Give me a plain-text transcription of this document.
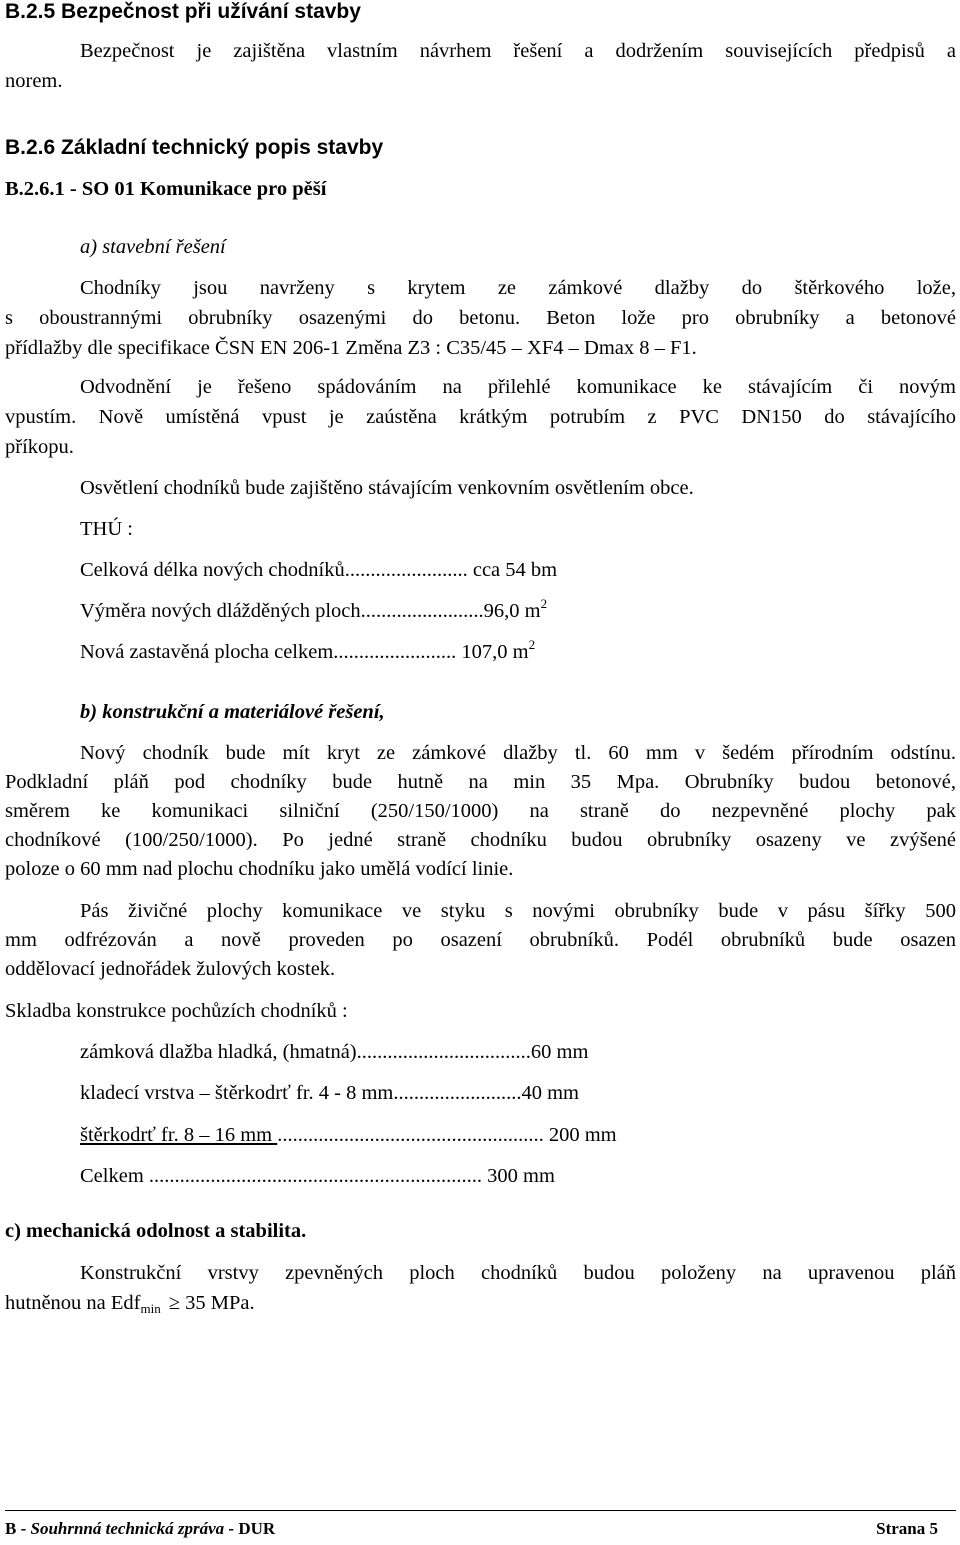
B.2.5 Bezpečnost při užívání stavby
Bezpečnost je zajištěna vlastním návrhem řešení a dodržením souvisejících předpisů a
norem.
B.2.6 Základní technický popis stavby
B.2.6.1 - SO 01 Komunikace pro pěší
a) stavební řešení
Chodníky jsou navrženy s krytem ze zámkové dlažby do štěrkového lože,
s oboustrannými obrubníky osazenými do betonu. Beton lože pro obrubníky a betonové
přídlažby dle specifikace ČSN EN 206-1 Změna Z3 : C35/45 – XF4 – Dmax 8 – F1.
Odvodnění je řešeno spádováním na přilehlé komunikace ke stávajícím či novým
vpustím. Nově umístěná vpust je zaústěna krátkým potrubím z PVC DN150 do stávajícího
příkopu.
Osvětlení chodníků bude zajištěno stávajícím venkovním osvětlením obce.
THÚ :
Celková délka nových chodníků........................ cca 54 bm
Výměra nových dlážděných ploch........................96,0 $m^2$
Nová zastavěná plocha celkem........................ 107,0 $m^2$
b) konstrukční a materiálové řešení,
Nový chodník bude mít kryt ze zámkové dlažby tl. 60 mm v šedém přírodním odstínu.
Podkladní pláň pod chodníky bude hutně na min 35 Mpa. Obrubníky budou betonové,
směrem ke komunikaci silniční (250/150/1000) na straně do nezpevněné plochy pak
chodníkové (100/250/1000). Po jedné straně chodníku budou obrubníky osazeny ve zvýšené
poloze o 60 mm nad plochu chodníku jako umělá vodící linie.
Pás živičné plochy komunikace ve styku s novými obrubníky bude v pásu šířky 500
mm odfrézován a nově proveden po osazení obrubníků. Podél obrubníků bude osazen
oddělovací jednořádek žulových kostek.
Skladba konstrukce pochůzích chodníků :
zámková dlažba hladká, (hmatná)..................................60 mm
kladecí vrstva – štěrkodrť fr. 4 - 8 mm.........................40 mm
štěrkodrť fr. 8 – 16 mm .................................................... 200 mm
Celkem ................................................................. 300 mm
c) mechanická odolnost a stabilita.
Konstrukční vrstvy zpevněných ploch chodníků budou položeny na upravenou pláň
hutněnou na Edf$_{min}$ ≥ 35 MPa.
B - Souhrnná technická zpráva - DUR	Strana 5
